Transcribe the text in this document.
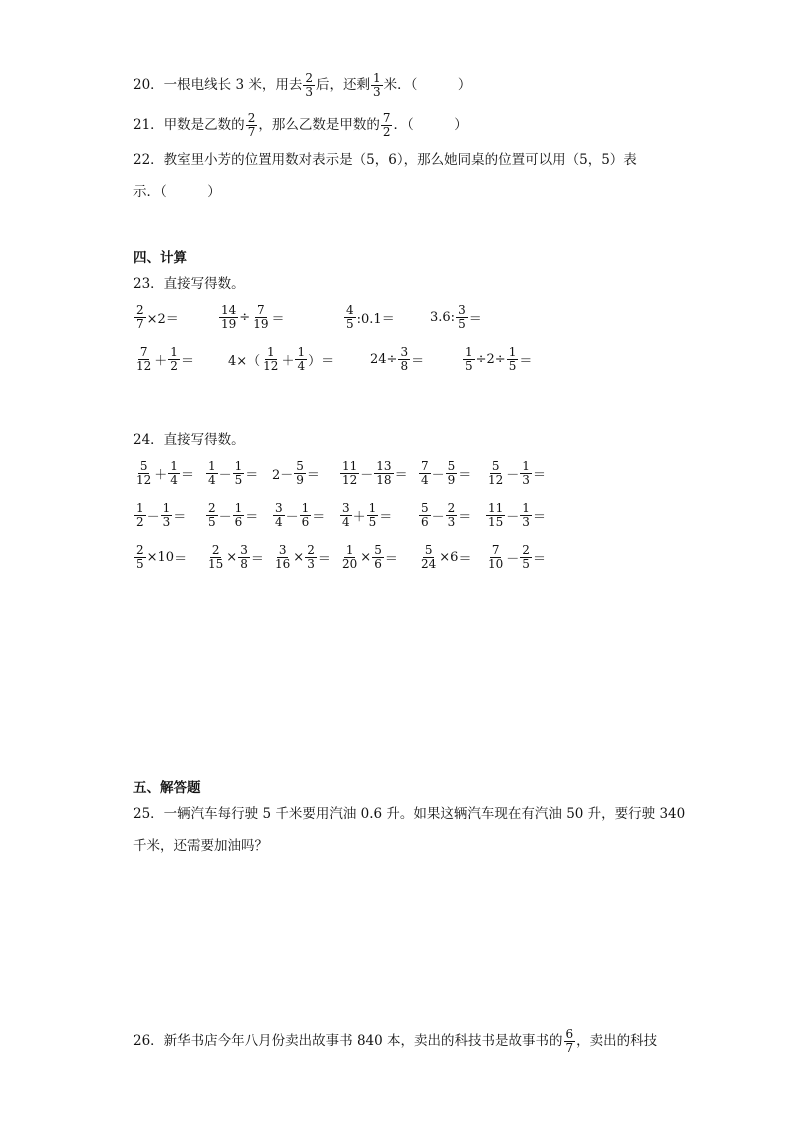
20．一根电线长 3 米，用去 $\frac{2}{3}$ 后，还剩 $\frac{1}{3}$ 米．（　　　）
21．甲数是乙数的 $\frac{2}{7}$ ，那么乙数是甲数的 $\frac{7}{2}$ ．（　　　）
22．教室里小芳的位置用数对表示是（5，6），那么她同桌的位置可以用（5，5）表
示．（　　　）
四、计算
23．直接写得数。
$\frac{2}{7} \times 2=$	$\frac{14}{19} \div \frac{7}{19}$ ＝	$\frac{4}{5}$ :0.1＝	3.6: $\frac{3}{5}$ ＝
$\frac{7}{12} + \frac{1}{2}$ ＝	$4\times( \frac{1}{12} + \frac{1}{4}$ ）＝	$24\div \frac{3}{8}$ ＝	$\frac{1}{5} \div 2\div \frac{1}{5}$ ＝
24．直接写得数。
$\frac{5}{12} + \frac{1}{4} = \frac{1}{4} - \frac{1}{5} = 2- \frac{5}{9} = \frac{11}{12} - \frac{13}{18} = \frac{7}{4} - \frac{5}{9} = \frac{5}{12} - \frac{1}{3}$ ＝
$\frac{1}{2} - \frac{1}{3} = \frac{2}{5} - \frac{1}{6} = \frac{3}{4} - \frac{1}{6} = \frac{3}{4} + \frac{1}{5} = \frac{5}{6} - \frac{2}{3} = \frac{11}{15} - \frac{1}{3}$ ＝
$\frac{2}{5} \times 10 = \frac{2}{15} \times \frac{3}{8} = \frac{3}{16} \times \frac{2}{3} = \frac{1}{20} \times \frac{5}{6} = \frac{5}{24} \times 6 = \frac{7}{10} - \frac{2}{5}$ ＝
五、解答题
25．一辆汽车每行驶 5 千米要用汽油 0.6 升。如果这辆汽车现在有汽油 50 升，要行驶 340
千米，还需要加油吗？
26．新华书店今年八月份卖出故事书 840 本，卖出的科技书是故事书的 $\frac{6}{7}$ ，卖出的科技
